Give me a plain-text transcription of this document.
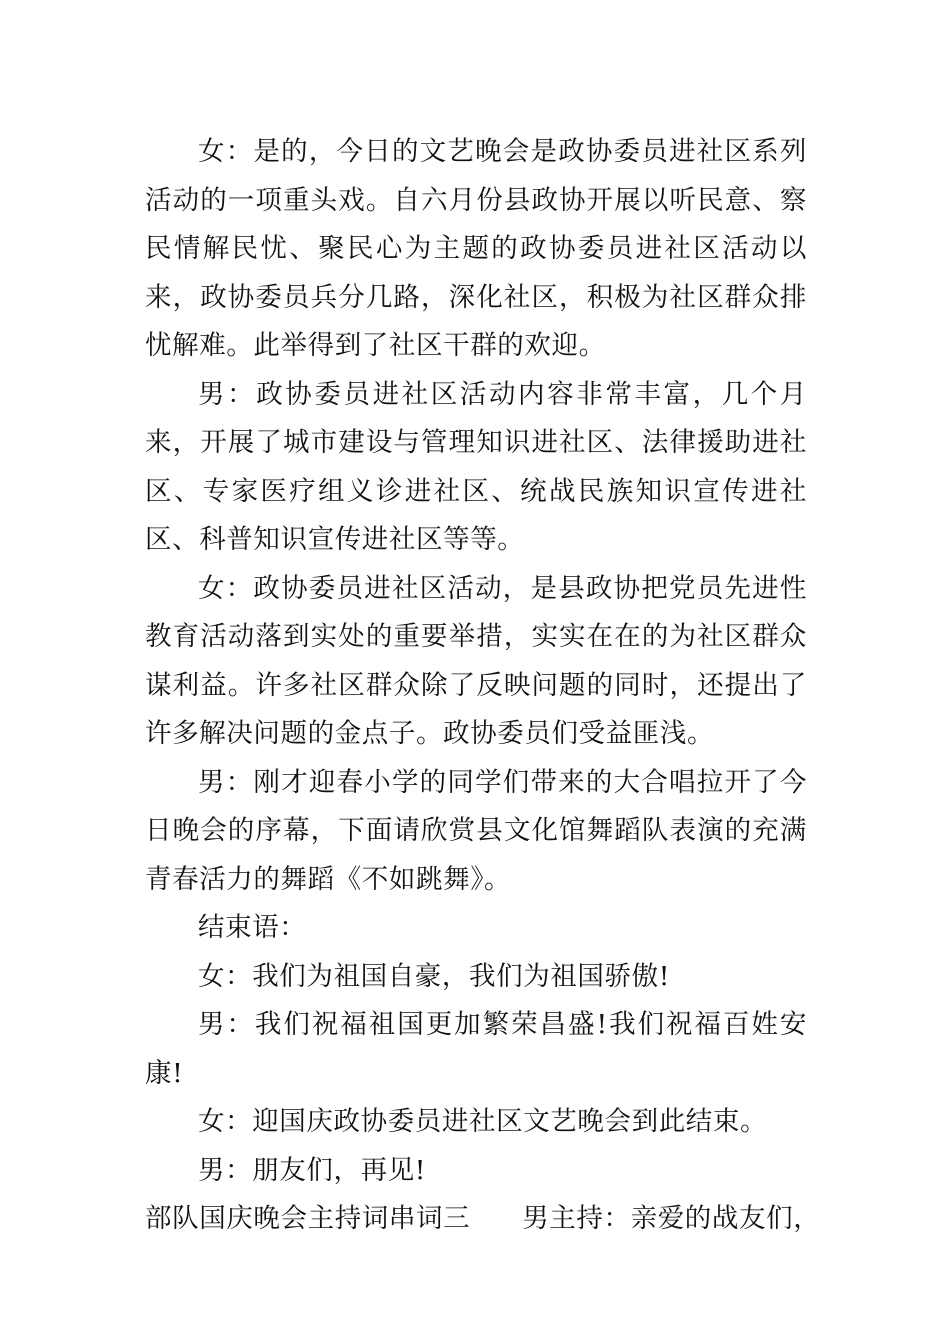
女：是的，今日的文艺晚会是政协委员进社区系列活动的一项重头戏。自六月份县政协开展以听民意、察民情解民忧、聚民心为主题的政协委员进社区活动以来，政协委员兵分几路，深化社区，积极为社区群众排忧解难。此举得到了社区干群的欢迎。

男：政协委员进社区活动内容非常丰富，几个月来，开展了城市建设与管理知识进社区、法律援助进社区、专家医疗组义诊进社区、统战民族知识宣传进社区、科普知识宣传进社区等等。

女：政协委员进社区活动，是县政协把党员先进性教育活动落到实处的重要举措，实实在在的为社区群众谋利益。许多社区群众除了反映问题的同时，还提出了许多解决问题的金点子。政协委员们受益匪浅。

男：刚才迎春小学的同学们带来的大合唱拉开了今日晚会的序幕，下面请欣赏县文化馆舞蹈队表演的充满青春活力的舞蹈《不如跳舞》。

结束语：

女：我们为祖国自豪，我们为祖国骄傲!

男：我们祝福祖国更加繁荣昌盛!我们祝福百姓安康!

女：迎国庆政协委员进社区文艺晚会到此结束。

男：朋友们，再见!

部队国庆晚会主持词串词三 男主持：亲爱的战友们，
